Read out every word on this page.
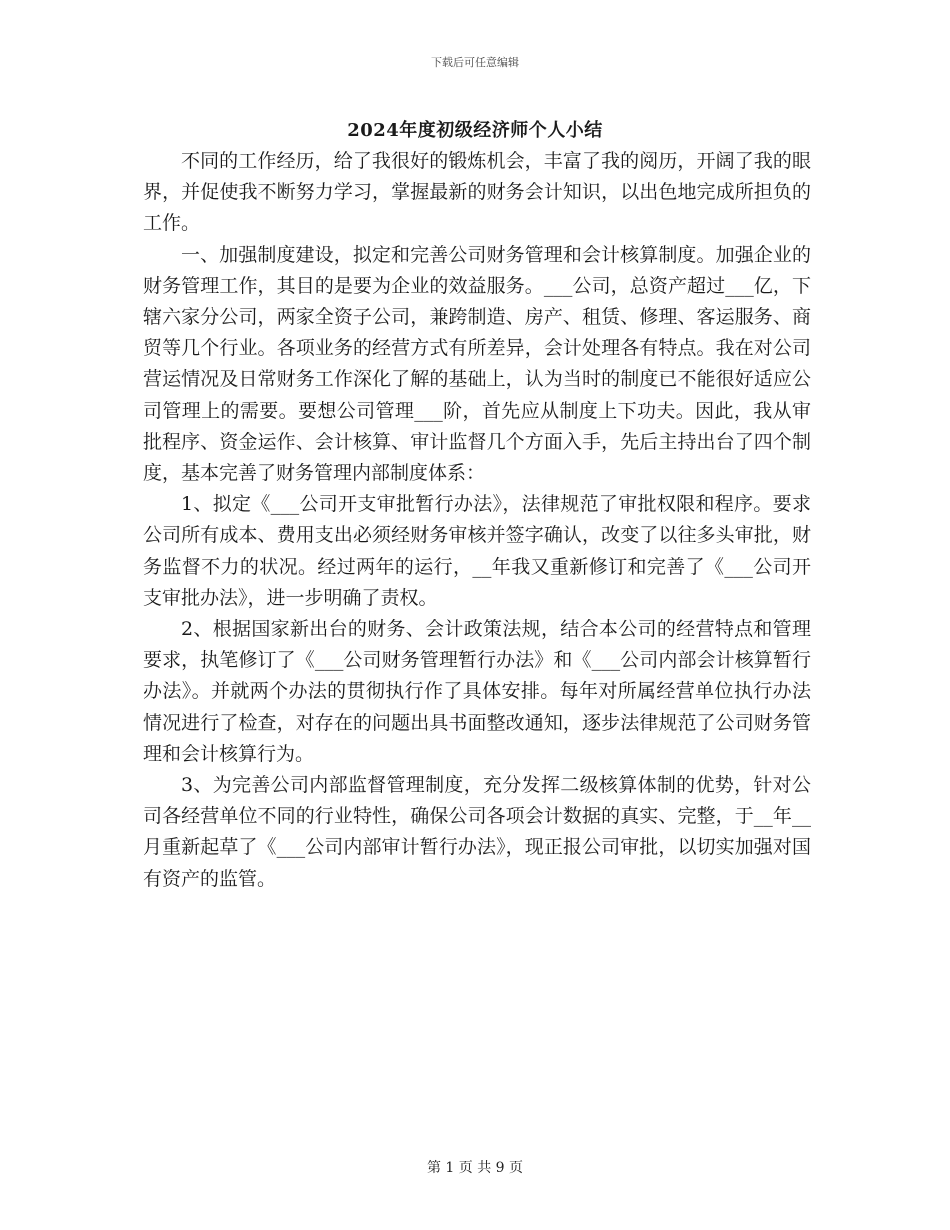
下载后可任意编辑
2024年度初级经济师个人小结

不同的工作经历，给了我很好的锻炼机会，丰富了我的阅历，开阔了我的眼界，并促使我不断努力学习，掌握最新的财务会计知识，以出色地完成所担负的工作。

一、加强制度建设，拟定和完善公司财务管理和会计核算制度。加强企业的财务管理工作，其目的是要为企业的效益服务。___公司，总资产超过___亿，下辖六家分公司，两家全资子公司，兼跨制造、房产、租赁、修理、客运服务、商贸等几个行业。各项业务的经营方式有所差异，会计处理各有特点。我在对公司营运情况及日常财务工作深化了解的基础上，认为当时的制度已不能很好适应公司管理上的需要。要想公司管理___阶，首先应从制度上下功夫。因此，我从审批程序、资金运作、会计核算、审计监督几个方面入手，先后主持出台了四个制度，基本完善了财务管理内部制度体系：

1、拟定《___公司开支审批暂行办法》，法律规范了审批权限和程序。要求公司所有成本、费用支出必须经财务审核并签字确认，改变了以往多头审批，财务监督不力的状况。经过两年的运行，__年我又重新修订和完善了《___公司开支审批办法》，进一步明确了责权。

2、根据国家新出台的财务、会计政策法规，结合本公司的经营特点和管理要求，执笔修订了《___公司财务管理暂行办法》和《___公司内部会计核算暂行办法》。并就两个办法的贯彻执行作了具体安排。每年对所属经营单位执行办法情况进行了检查，对存在的问题出具书面整改通知，逐步法律规范了公司财务管理和会计核算行为。

3、为完善公司内部监督管理制度，充分发挥二级核算体制的优势，针对公司各经营单位不同的行业特性，确保公司各项会计数据的真实、完整，于__年__月重新起草了《___公司内部审计暂行办法》，现正报公司审批，以切实加强对国有资产的监管。

第 1 页 共 9 页
